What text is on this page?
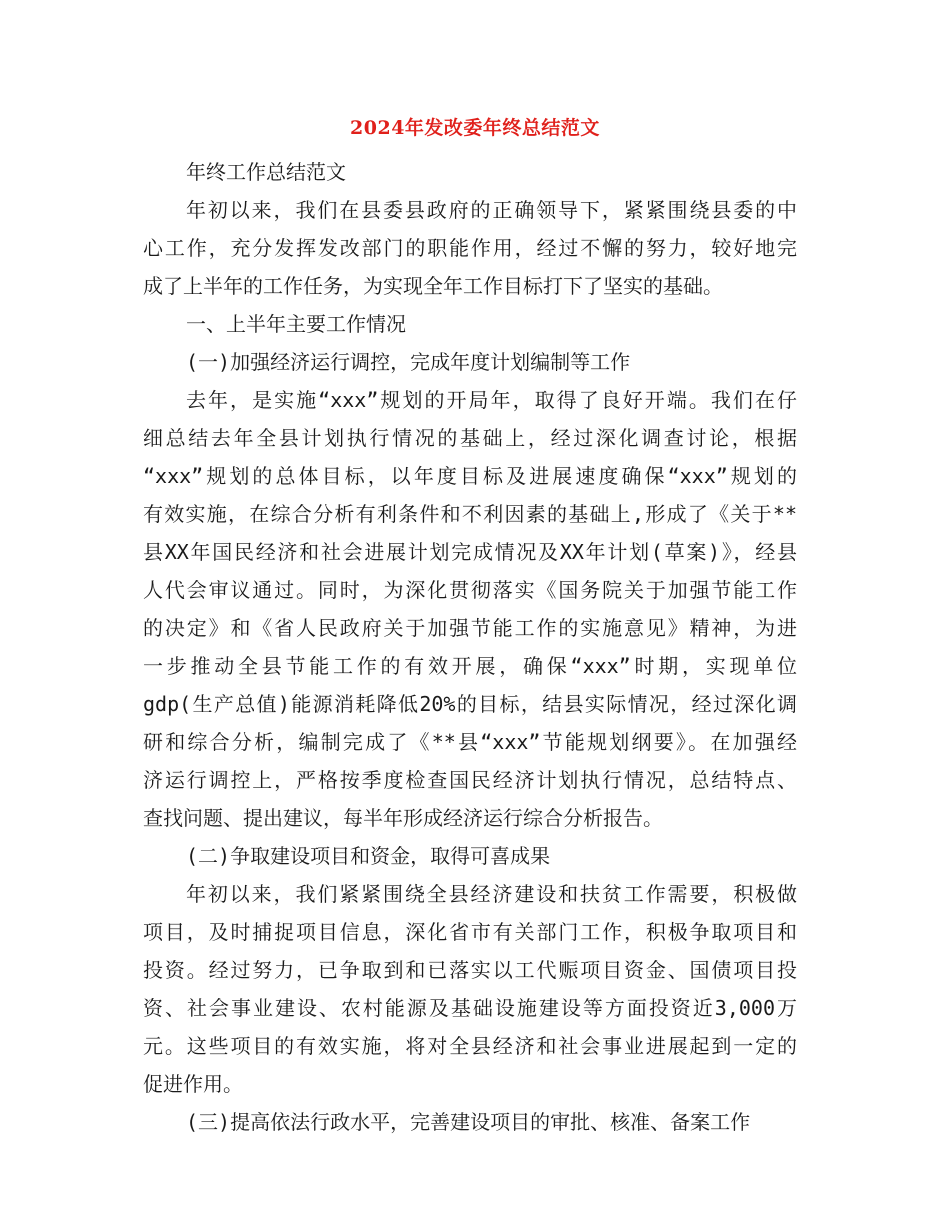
2024年发改委年终总结范文
年终工作总结范文
年初以来，我们在县委县政府的正确领导下，紧紧围绕县委的中
心工作，充分发挥发改部门的职能作用，经过不懈的努力，较好地完
成了上半年的工作任务，为实现全年工作目标打下了坚实的基础。
一、上半年主要工作情况
(一)加强经济运行调控，完成年度计划编制等工作
去年，是实施“xxx”规划的开局年，取得了良好开端。我们在仔
细总结去年全县计划执行情况的基础上，经过深化调查讨论，根据
“xxx”规划的总体目标，以年度目标及进展速度确保“xxx”规划的
有效实施，在综合分析有利条件和不利因素的基础上,形成了《关于**
县XX年国民经济和社会进展计划完成情况及XX年计划(草案)》，经县
人代会审议通过。同时，为深化贯彻落实《国务院关于加强节能工作
的决定》和《省人民政府关于加强节能工作的实施意见》精神，为进
一步推动全县节能工作的有效开展，确保“xxx”时期，实现单位
gdp(生产总值)能源消耗降低20%的目标，结县实际情况，经过深化调
研和综合分析，编制完成了《**县“xxx”节能规划纲要》。在加强经
济运行调控上，严格按季度检查国民经济计划执行情况，总结特点、
查找问题、提出建议，每半年形成经济运行综合分析报告。
(二)争取建设项目和资金，取得可喜成果
年初以来，我们紧紧围绕全县经济建设和扶贫工作需要，积极做
项目，及时捕捉项目信息，深化省市有关部门工作，积极争取项目和
投资。经过努力，已争取到和已落实以工代赈项目资金、国债项目投
资、社会事业建设、农村能源及基础设施建设等方面投资近3,000万
元。这些项目的有效实施，将对全县经济和社会事业进展起到一定的
促进作用。
(三)提高依法行政水平，完善建设项目的审批、核准、备案工作
